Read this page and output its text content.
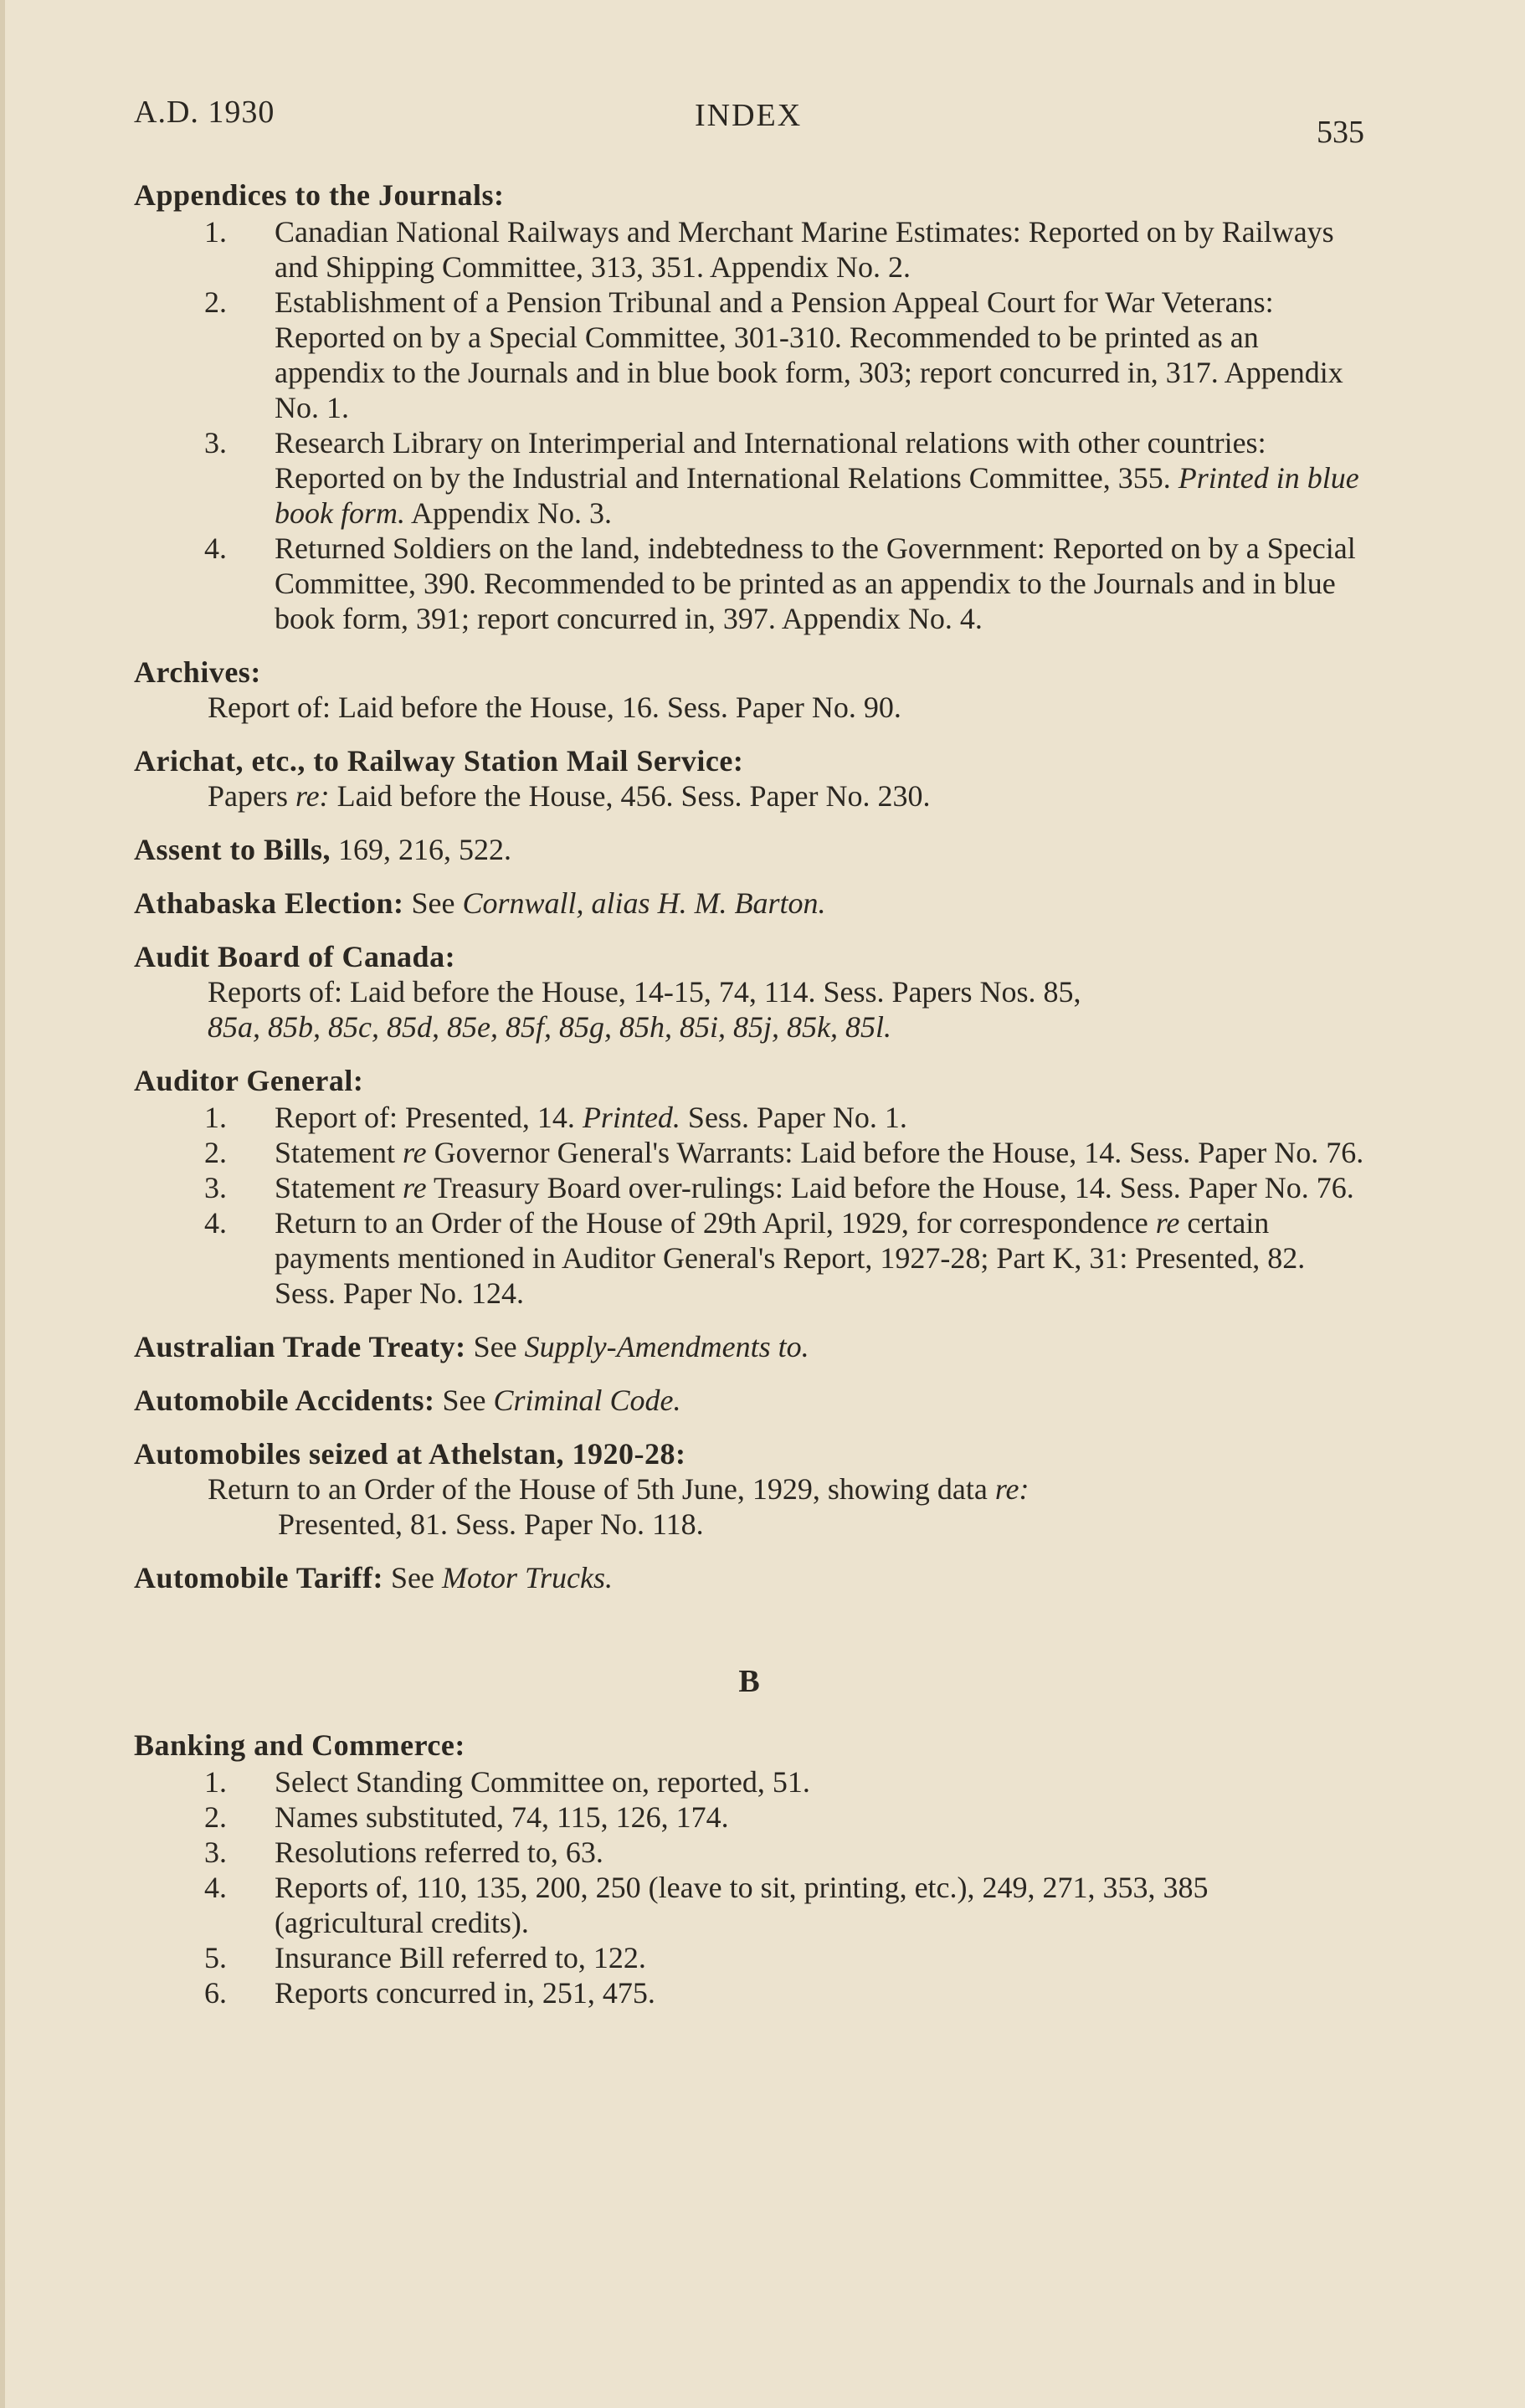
A.D. 1930	INDEX	535
Appendices to the Journals:
1. Canadian National Railways and Merchant Marine Estimates: Reported on by Railways and Shipping Committee, 313, 351. Appendix No. 2.
2. Establishment of a Pension Tribunal and a Pension Appeal Court for War Veterans: Reported on by a Special Committee, 301-310. Recommended to be printed as an appendix to the Journals and in blue book form, 303; report concurred in, 317. Appendix No. 1.
3. Research Library on Interimperial and International relations with other countries: Reported on by the Industrial and International Relations Committee, 355. Printed in blue book form. Appendix No. 3.
4. Returned Soldiers on the land, indebtedness to the Government: Reported on by a Special Committee, 390. Recommended to be printed as an appendix to the Journals and in blue book form, 391; report concurred in, 397. Appendix No. 4.
Archives:
Report of: Laid before the House, 16. Sess. Paper No. 90.
Arichat, etc., to Railway Station Mail Service:
Papers re: Laid before the House, 456. Sess. Paper No. 230.
Assent to Bills, 169, 216, 522.
Athabaska Election: See Cornwall, alias H. M. Barton.
Audit Board of Canada:
Reports of: Laid before the House, 14-15, 74, 114. Sess. Papers Nos. 85,
85a, 85b, 85c, 85d, 85e, 85f, 85g, 85h, 85i, 85j, 85k, 85l.
Auditor General:
1. Report of: Presented, 14. Printed. Sess. Paper No. 1.
2. Statement re Governor General's Warrants: Laid before the House, 14. Sess. Paper No. 76.
3. Statement re Treasury Board over-rulings: Laid before the House, 14. Sess. Paper No. 76.
4. Return to an Order of the House of 29th April, 1929, for correspondence re certain payments mentioned in Auditor General's Report, 1927-28; Part K, 31: Presented, 82. Sess. Paper No. 124.
Australian Trade Treaty: See Supply-Amendments to.
Automobile Accidents: See Criminal Code.
Automobiles seized at Athelstan, 1920-28:
Return to an Order of the House of 5th June, 1929, showing data re:
Presented, 81. Sess. Paper No. 118.
Automobile Tariff: See Motor Trucks.
B
Banking and Commerce:
1. Select Standing Committee on, reported, 51.
2. Names substituted, 74, 115, 126, 174.
3. Resolutions referred to, 63.
4. Reports of, 110, 135, 200, 250 (leave to sit, printing, etc.), 249, 271, 353, 385 (agricultural credits).
5. Insurance Bill referred to, 122.
6. Reports concurred in, 251, 475.
